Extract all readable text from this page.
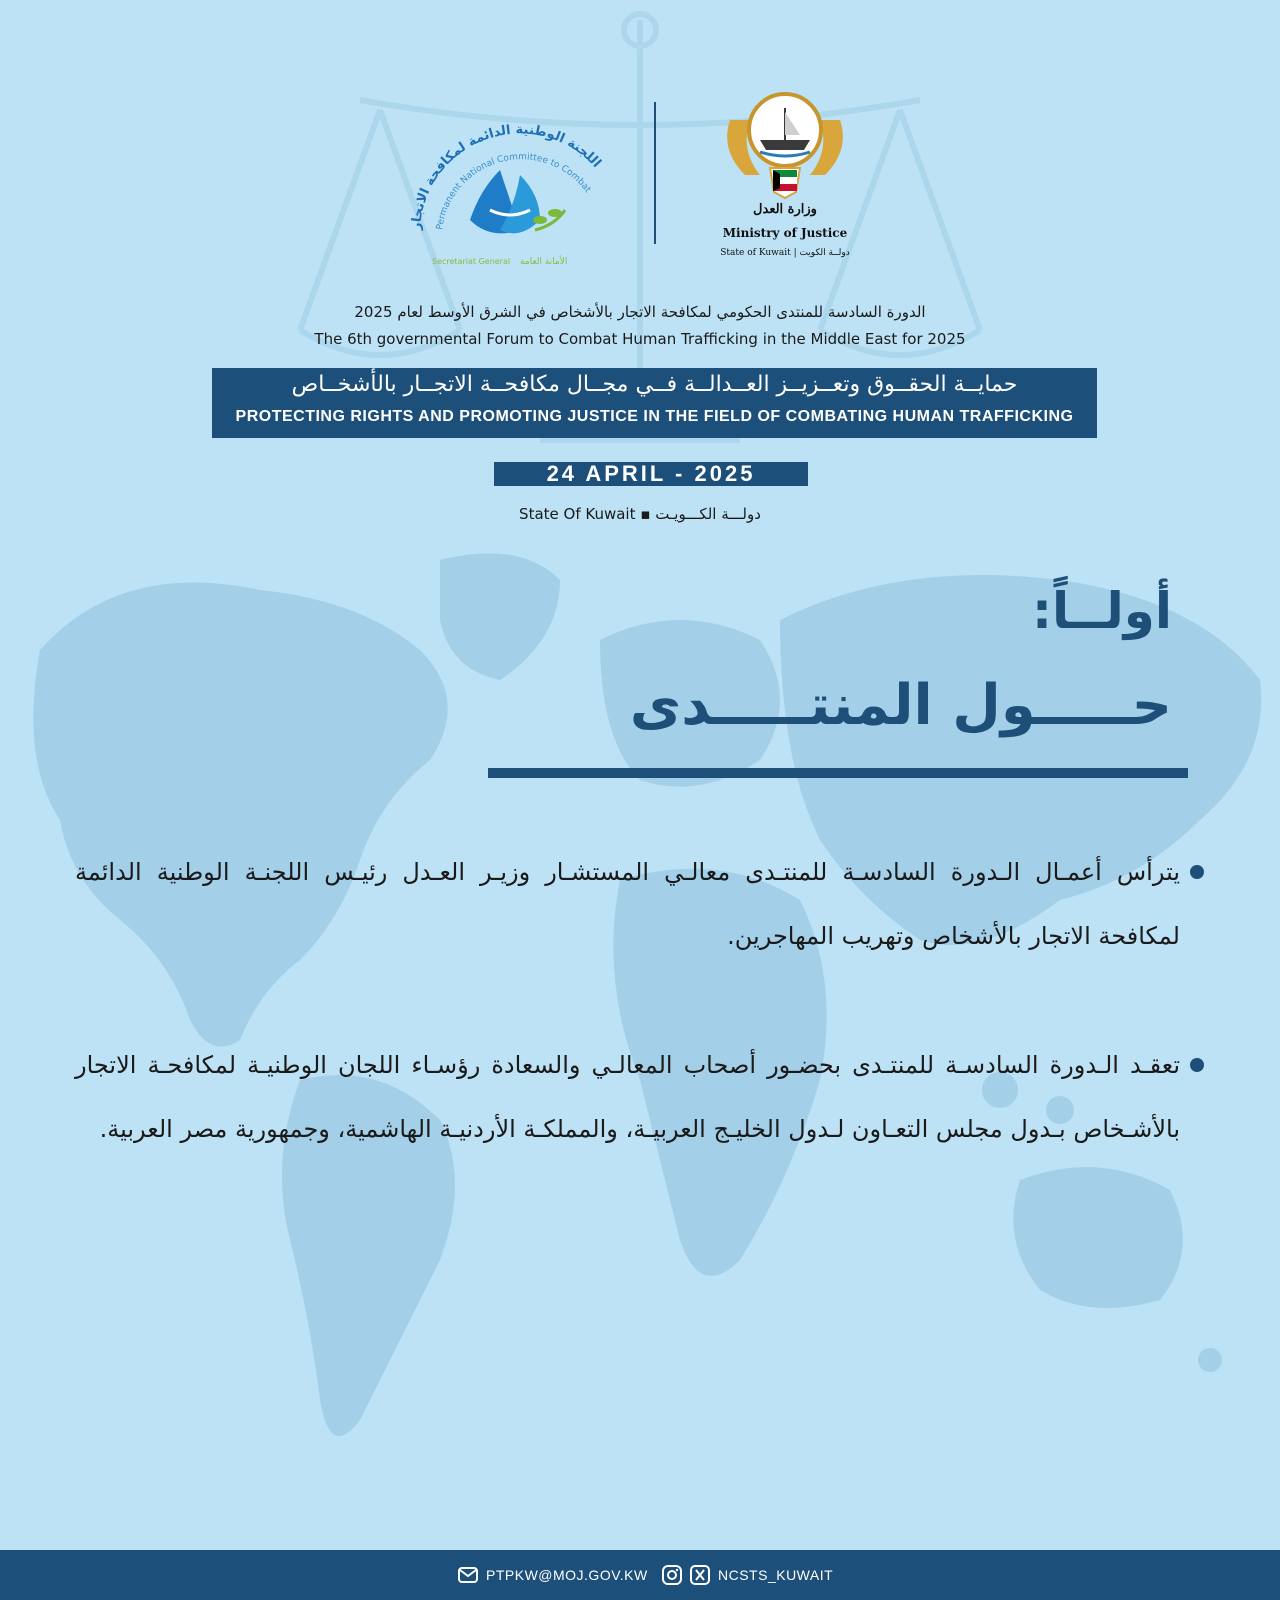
اللجنة الوطنية الدائمة لمكافحة الاتجار
Permanent National Committee to Combat
Secretariat General الأمانة العامة
وزارة العدل
Ministry of Justice
State of Kuwait | دولــة الكويت
الدورة السادسة للمنتدى الحكومي لمكافحة الاتجار بالأشخاص في الشرق الأوسط لعام 2025
The 6th governmental Forum to Combat Human Trafficking in the Middle East for 2025
حمايــة الحقــوق وتعــزيــز العــدالــة فــي مجــال مكافحــة الاتجــار بالأشخــاص
PROTECTING RIGHTS AND PROMOTING JUSTICE IN THE FIELD OF COMBATING HUMAN TRAFFICKING
24 APRIL - 2025
State Of Kuwait ▪ دولـــة الكـــويـت
أولــاً:
حـــــول المنتـــــدى
يترأس أعمـال الـدورة السادسـة للمنتـدى معالـي المستشـار وزيـر العـدل رئيـس اللجنـة الوطنية الدائمة لمكافحة الاتجار بالأشخاص وتهريب المهاجرين.
تعقـد الـدورة السادسـة للمنتـدى بحضـور أصحاب المعالـي والسعادة رؤسـاء اللجان الوطنيـة لمكافحـة الاتجار بالأشـخاص بـدول مجلس التعـاون لـدول الخليـج العربيـة، والمملكـة الأردنيـة الهاشمية، وجمهورية مصر العربية.
PTPKW@MOJ.GOV.KW	NCSTS_KUWAIT
